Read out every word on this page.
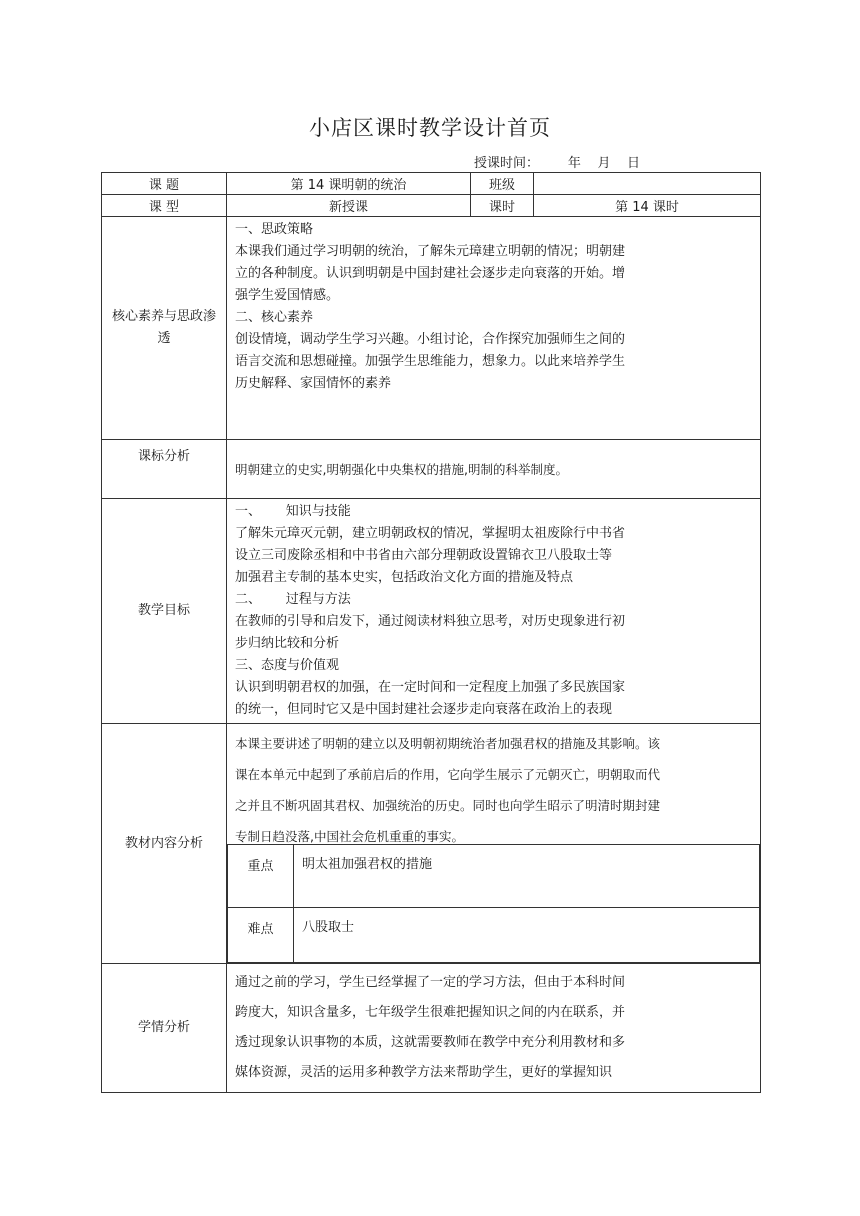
小店区课时教学设计首页
授课时间：       年    月    日
课 题	第 14 课明朝的统治	班级	
课 型	新授课	课时	第 14 课时
核心素养与思政渗透	

一、思政策略

本课我们通过学习明朝的统治，了解朱元璋建立明朝的情况；明朝建

立的各种制度。认识到明朝是中国封建社会逐步走向衰落的开始。增

强学生爱国情感。

二、核心素养

创设情境，调动学生学习兴趣。小组讨论，合作探究加强师生之间的

语言交流和思想碰撞。加强学生思维能力，想象力。以此来培养学生

历史解释、家国情怀的素养

课标分析	明朝建立的史实,明朝强化中央集权的措施,明制的科举制度。
教学目标	

一、      知识与技能

了解朱元璋灭元朝，建立明朝政权的情况，掌握明太祖废除行中书省

设立三司废除丞相和中书省由六部分理朝政设置锦衣卫八股取士等

加强君主专制的基本史实，包括政治文化方面的措施及特点

二、      过程与方法

在教师的引导和启发下，通过阅读材料独立思考，对历史现象进行初

步归纳比较和分析

三、态度与价值观

认识到明朝君权的加强，在一定时间和一定程度上加强了多民族国家

的统一，但同时它又是中国封建社会逐步走向衰落在政治上的表现

教材内容分析	
本课主要讲述了明朝的建立以及明朝初期统治者加强君权的措施及其影响。该
课在本单元中起到了承前启后的作用，它向学生展示了元朝灭亡，明朝取而代
之并且不断巩固其君权、加强统治的历史。同时也向学生昭示了明清时期封建
专制日趋没落,中国社会危机重重的事实。
重点	明太祖加强君权的措施
难点	八股取士

学情分析	
通过之前的学习，学生已经掌握了一定的学习方法，但由于本科时间
跨度大，知识含量多，七年级学生很难把握知识之间的内在联系，并
透过现象认识事物的本质，这就需要教师在教学中充分利用教材和多
媒体资源，灵活的运用多种教学方法来帮助学生，更好的掌握知识
